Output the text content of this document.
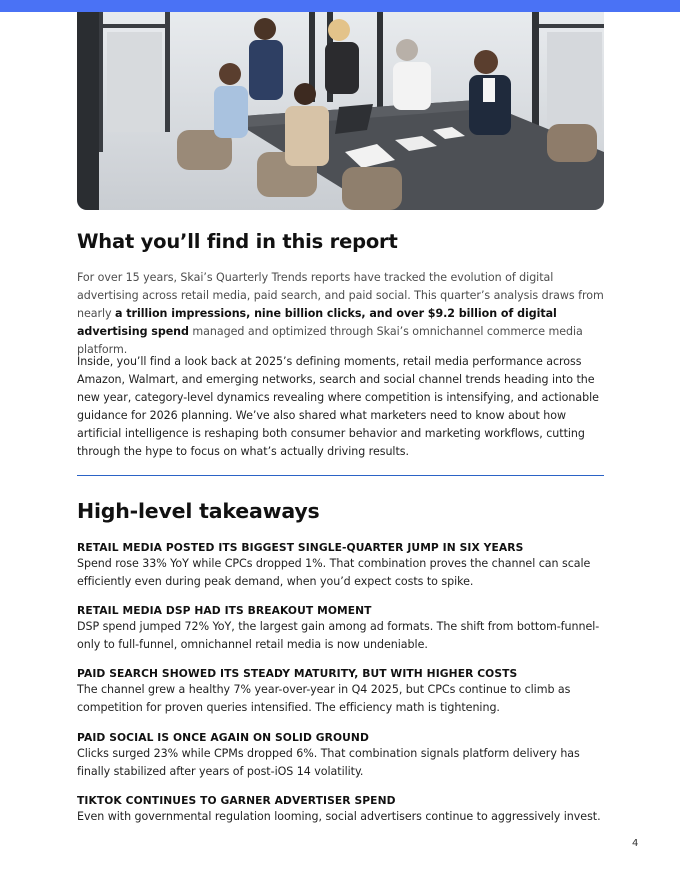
What you’ll find in this report

For over 15 years, Skai’s Quarterly Trends reports have tracked the evolution of digital advertising across retail media, paid search, and paid social. This quarter’s analysis draws from nearly a trillion impressions, nine billion clicks, and over $9.2 billion of digital advertising spend managed and optimized through Skai’s omnichannel commerce media platform.

Inside, you’ll find a look back at 2025’s defining moments, retail media performance across Amazon, Walmart, and emerging networks, search and social channel trends heading into the new year, category-level dynamics revealing where competition is intensifying, and actionable guidance for 2026 planning. We’ve also shared what marketers need to know about how artificial intelligence is reshaping both consumer behavior and marketing workflows, cutting through the hype to focus on what’s actually driving results.

High-level takeaways

RETAIL MEDIA POSTED ITS BIGGEST SINGLE-QUARTER JUMP IN SIX YEARS

Spend rose 33% YoY while CPCs dropped 1%. That combination proves the channel can scale efficiently even during peak demand, when you’d expect costs to spike.

RETAIL MEDIA DSP HAD ITS BREAKOUT MOMENT

DSP spend jumped 72% YoY, the largest gain among ad formats. The shift from bottom-funnel-only to full-funnel, omnichannel retail media is now undeniable.

PAID SEARCH SHOWED ITS STEADY MATURITY, BUT WITH HIGHER COSTS

The channel grew a healthy 7% year-over-year in Q4 2025, but CPCs continue to climb as competition for proven queries intensified. The efficiency math is tightening.

PAID SOCIAL IS ONCE AGAIN ON SOLID GROUND

Clicks surged 23% while CPMs dropped 6%. That combination signals platform delivery has finally stabilized after years of post-iOS 14 volatility.

TIKTOK CONTINUES TO GARNER ADVERTISER SPEND

Even with governmental regulation looming, social advertisers continue to aggressively invest.

4
